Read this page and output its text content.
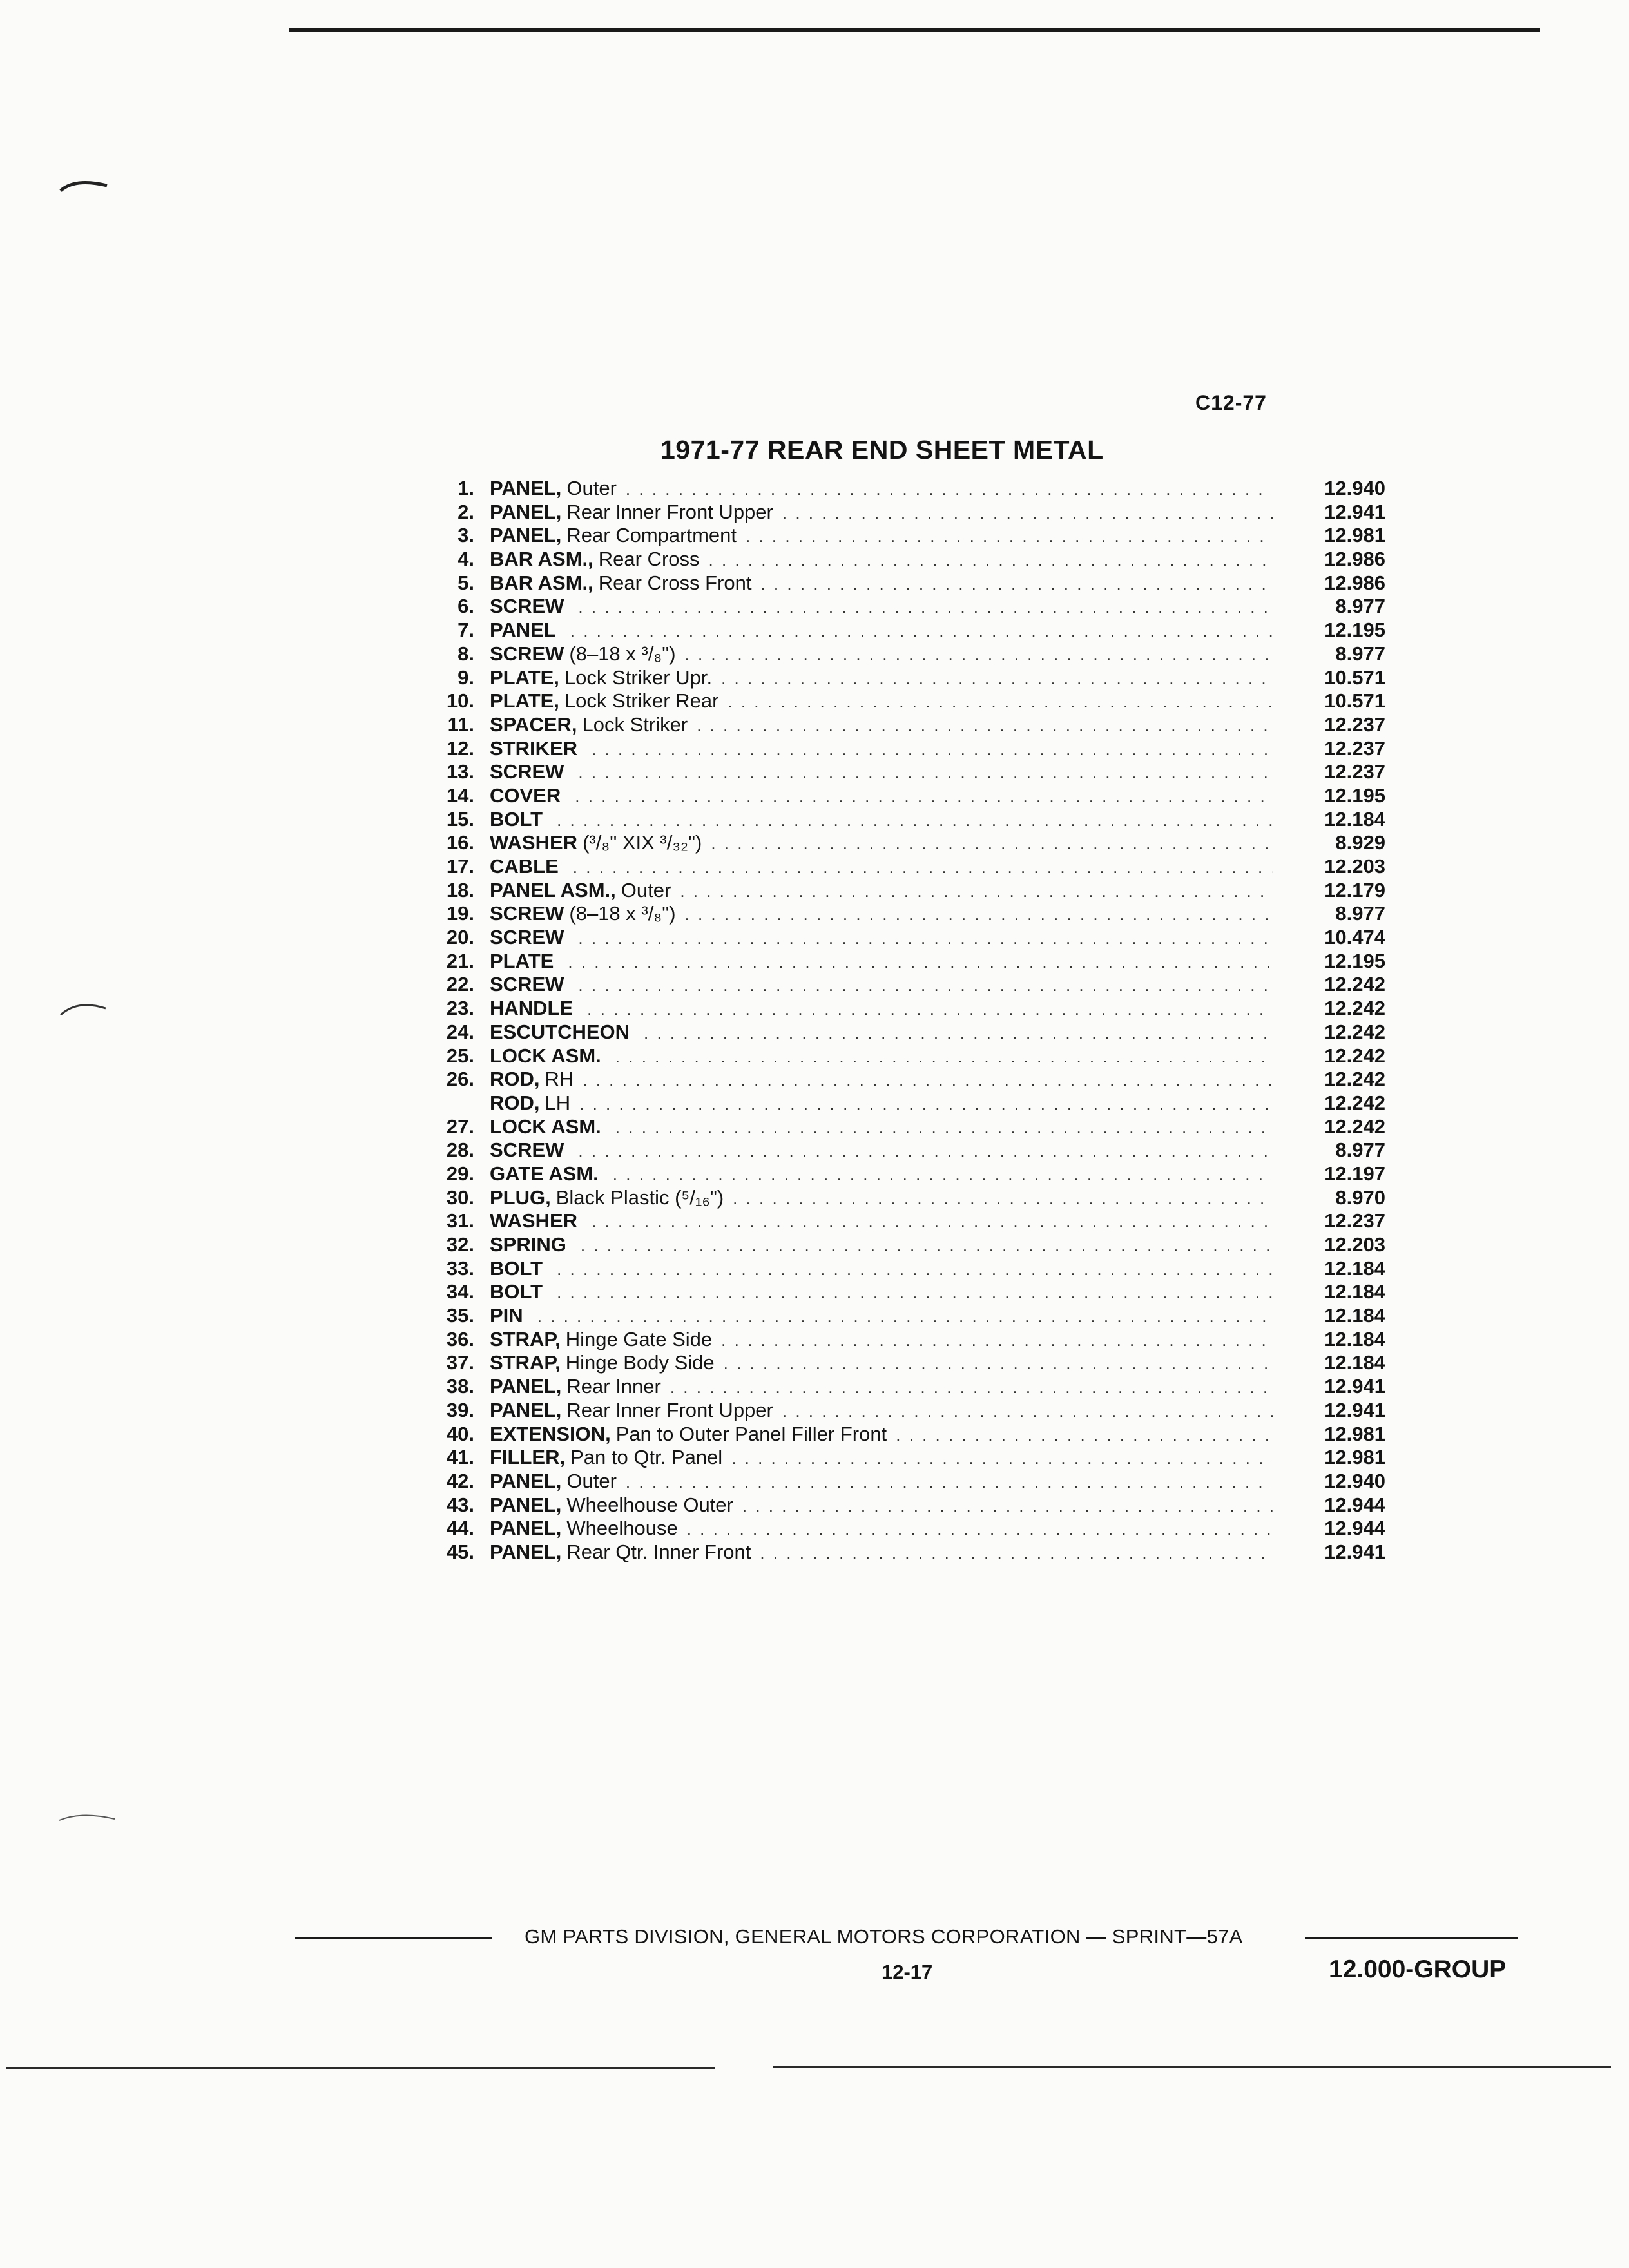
C12-77
1971-77 REAR END SHEET METAL
1. PANEL, Outer . . .	12.940
2. PANEL, Rear Inner Front Upper . . .	12.941
3. PANEL, Rear Compartment . . .	12.981
4. BAR ASM., Rear Cross . . .	12.986
5. BAR ASM., Rear Cross Front . . .	12.986
6. SCREW . . .	8.977
7. PANEL . . .	12.195
8. SCREW (8–18 x ³/₈") . . .	8.977
9. PLATE, Lock Striker Upr. . . .	10.571
10. PLATE, Lock Striker Rear . . .	10.571
11. SPACER, Lock Striker . . .	12.237
12. STRIKER . . .	12.237
13. SCREW . . .	12.237
14. COVER . . .	12.195
15. BOLT . . .	12.184
16. WASHER (³/₈" XIX ³/₃₂") . . .	8.929
17. CABLE . . .	12.203
18. PANEL ASM., Outer . . .	12.179
19. SCREW (8–18 x ³/₈") . . .	8.977
20. SCREW . . .	10.474
21. PLATE . . .	12.195
22. SCREW . . .	12.242
23. HANDLE . . .	12.242
24. ESCUTCHEON . . .	12.242
25. LOCK ASM. . . .	12.242
26. ROD, RH . . .	12.242
ROD, LH . . .	12.242
27. LOCK ASM. . . .	12.242
28. SCREW . . .	8.977
29. GATE ASM. . . .	12.197
30. PLUG, Black Plastic (⁵/₁₆") . . .	8.970
31. WASHER . . .	12.237
32. SPRING . . .	12.203
33. BOLT . . .	12.184
34. BOLT . . .	12.184
35. PIN . . .	12.184
36. STRAP, Hinge Gate Side . . .	12.184
37. STRAP, Hinge Body Side . . .	12.184
38. PANEL, Rear Inner . . .	12.941
39. PANEL, Rear Inner Front Upper . . .	12.941
40. EXTENSION, Pan to Outer Panel Filler Front . . .	12.981
41. FILLER, Pan to Qtr. Panel . . .	12.981
42. PANEL, Outer . . .	12.940
43. PANEL, Wheelhouse Outer . . .	12.944
44. PANEL, Wheelhouse . . .	12.944
45. PANEL, Rear Qtr. Inner Front . . .	12.941
GM PARTS DIVISION, GENERAL MOTORS CORPORATION — SPRINT—57A
12-17	12.000-GROUP
